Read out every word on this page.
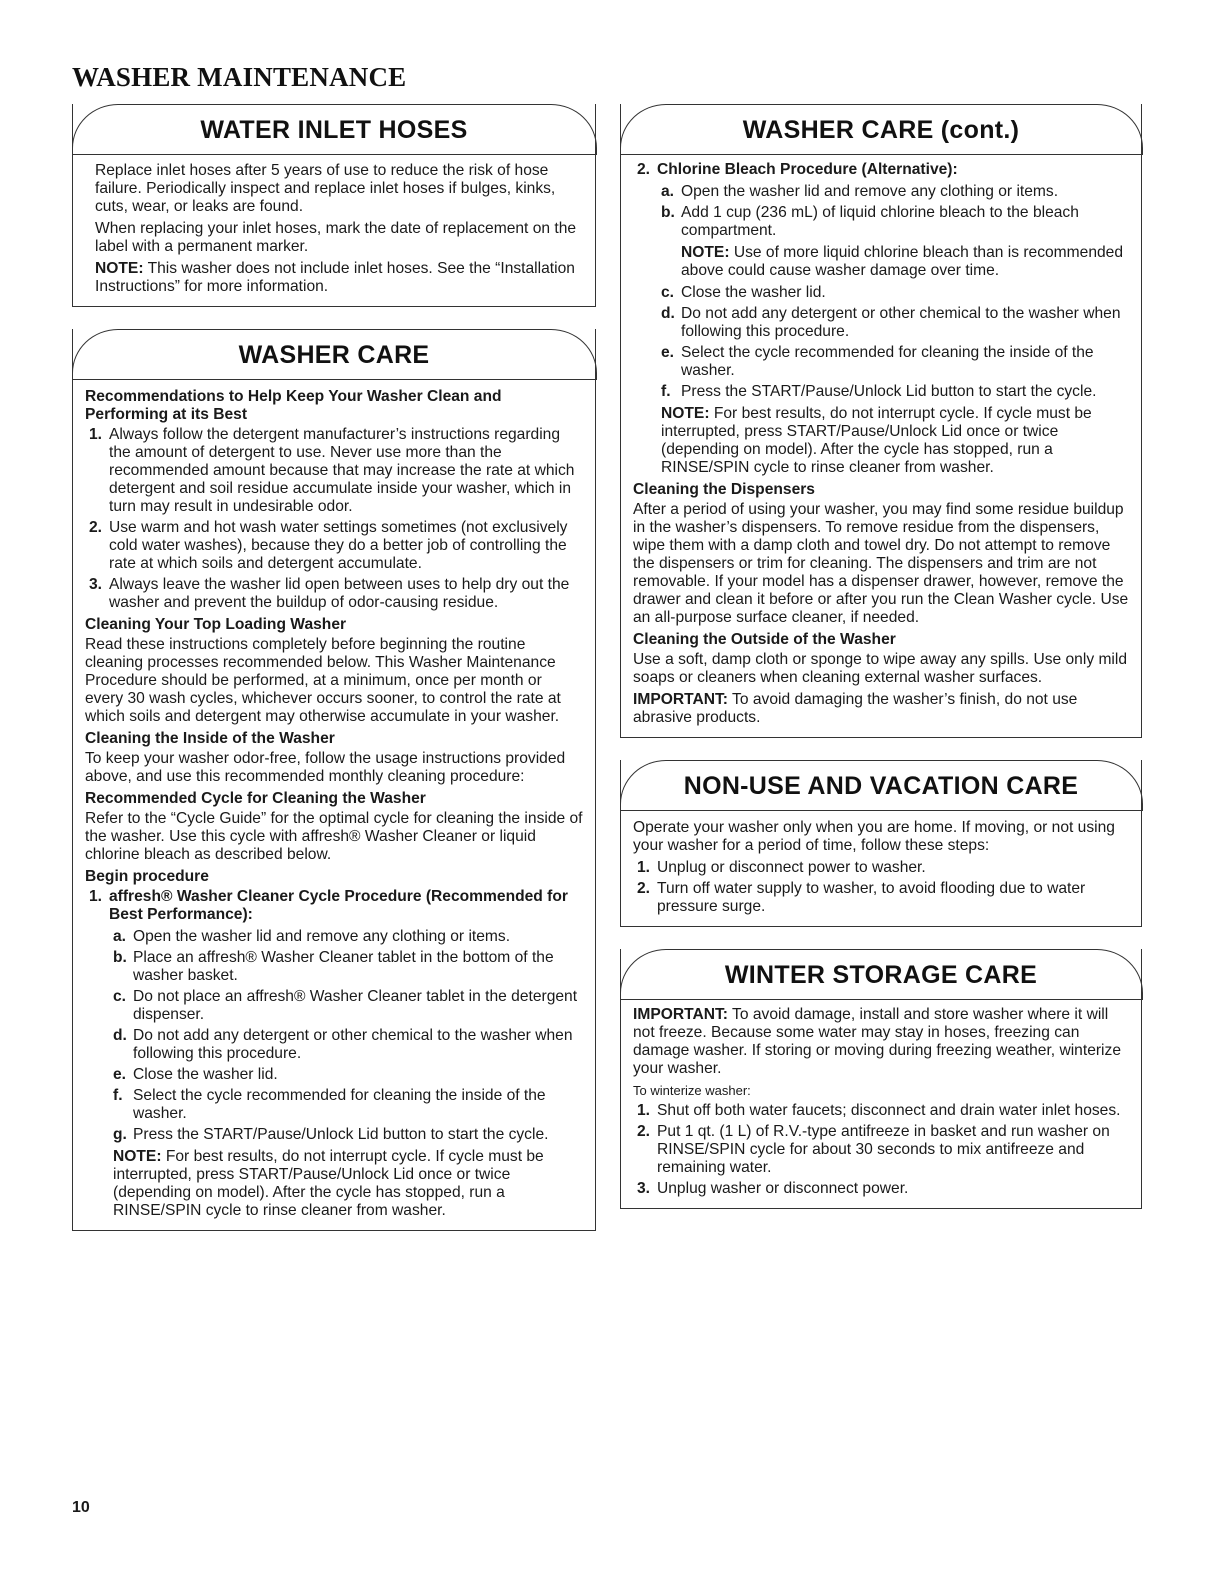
WASHER MAINTENANCE
WATER INLET HOSES

Replace inlet hoses after 5 years of use to reduce the risk of hose failure. Periodically inspect and replace inlet hoses if bulges, kinks, cuts, wear, or leaks are found.

When replacing your inlet hoses, mark the date of replacement on the label with a permanent marker.

NOTE: This washer does not include inlet hoses. See the “Installation Instructions” for more information.

WASHER CARE

Recommendations to Help Keep Your Washer Clean and Performing at its Best

1. Always follow the detergent manufacturer’s instructions regarding the amount of detergent to use. Never use more than the recommended amount because that may increase the rate at which detergent and soil residue accumulate inside your washer, which in turn may result in undesirable odor.
2. Use warm and hot wash water settings sometimes (not exclusively cold water washes), because they do a better job of controlling the rate at which soils and detergent accumulate.
3. Always leave the washer lid open between uses to help dry out the washer and prevent the buildup of odor-causing residue.

Cleaning Your Top Loading Washer

Read these instructions completely before beginning the routine cleaning processes recommended below. This Washer Maintenance Procedure should be performed, at a minimum, once per month or every 30 wash cycles, whichever occurs sooner, to control the rate at which soils and detergent may otherwise accumulate in your washer.

Cleaning the Inside of the Washer

To keep your washer odor-free, follow the usage instructions provided above, and use this recommended monthly cleaning procedure:

Recommended Cycle for Cleaning the Washer

Refer to the “Cycle Guide” for the optimal cycle for cleaning the inside of the washer. Use this cycle with affresh® Washer Cleaner or liquid chlorine bleach as described below.

Begin procedure

1. affresh® Washer Cleaner Cycle Procedure (Recommended for Best Performance):
a. Open the washer lid and remove any clothing or items.
b. Place an affresh® Washer Cleaner tablet in the bottom of the washer basket.
c. Do not place an affresh® Washer Cleaner tablet in the detergent dispenser.
d. Do not add any detergent or other chemical to the washer when following this procedure.
e. Close the washer lid.
f. Select the cycle recommended for cleaning the inside of the washer.
g. Press the START/Pause/Unlock Lid button to start the cycle.

NOTE: For best results, do not interrupt cycle. If cycle must be interrupted, press START/Pause/Unlock Lid once or twice (depending on model). After the cycle has stopped, run a RINSE/SPIN cycle to rinse cleaner from washer.

WASHER CARE (cont.)
2. Chlorine Bleach Procedure (Alternative):
a. Open the washer lid and remove any clothing or items.
b. Add 1 cup (236 mL) of liquid chlorine bleach to the bleach compartment.

NOTE: Use of more liquid chlorine bleach than is recommended above could cause washer damage over time.

c. Close the washer lid.
d. Do not add any detergent or other chemical to the washer when following this procedure.
e. Select the cycle recommended for cleaning the inside of the washer.
f. Press the START/Pause/Unlock Lid button to start the cycle.

NOTE: For best results, do not interrupt cycle. If cycle must be interrupted, press START/Pause/Unlock Lid once or twice (depending on model). After the cycle has stopped, run a RINSE/SPIN cycle to rinse cleaner from washer.

Cleaning the Dispensers

After a period of using your washer, you may find some residue buildup in the washer’s dispensers. To remove residue from the dispensers, wipe them with a damp cloth and towel dry. Do not attempt to remove the dispensers or trim for cleaning. The dispensers and trim are not removable. If your model has a dispenser drawer, however, remove the drawer and clean it before or after you run the Clean Washer cycle. Use an all-purpose surface cleaner, if needed.

Cleaning the Outside of the Washer

Use a soft, damp cloth or sponge to wipe away any spills. Use only mild soaps or cleaners when cleaning external washer surfaces.

IMPORTANT: To avoid damaging the washer’s finish, do not use abrasive products.

NON-USE AND VACATION CARE

Operate your washer only when you are home. If moving, or not using your washer for a period of time, follow these steps:

1. Unplug or disconnect power to washer.
2. Turn off water supply to washer, to avoid flooding due to water pressure surge.
WINTER STORAGE CARE

IMPORTANT: To avoid damage, install and store washer where it will not freeze. Because some water may stay in hoses, freezing can damage washer. If storing or moving during freezing weather, winterize your washer.

To winterize washer:

1. Shut off both water faucets; disconnect and drain water inlet hoses.
2. Put 1 qt. (1 L) of R.V.-type antifreeze in basket and run washer on RINSE/SPIN cycle for about 30 seconds to mix antifreeze and remaining water.
3. Unplug washer or disconnect power.
10
